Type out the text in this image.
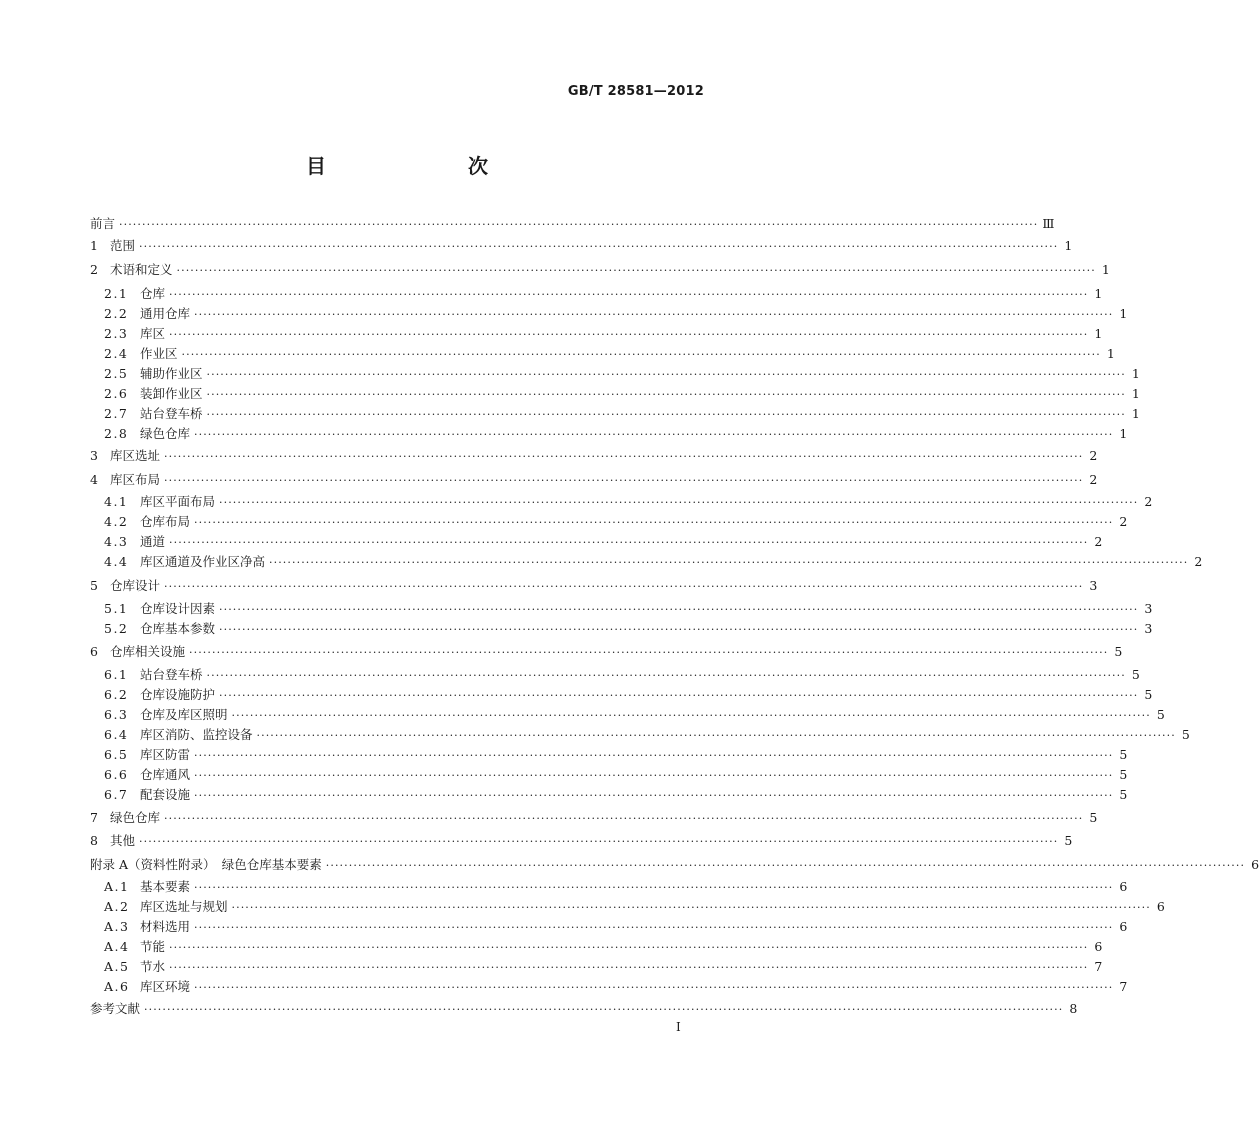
GB/T 28581—2012
目　　次
前言 ········································································································································································································ Ⅲ
1 范围 ········································································································································································································ 1
2 术语和定义 ········································································································································································································ 1
2.1 仓库 ········································································································································································································ 1
2.2 通用仓库 ········································································································································································································ 1
2.3 库区 ········································································································································································································ 1
2.4 作业区 ········································································································································································································ 1
2.5 辅助作业区 ········································································································································································································ 1
2.6 装卸作业区 ········································································································································································································ 1
2.7 站台登车桥 ········································································································································································································ 1
2.8 绿色仓库 ········································································································································································································ 1
3 库区选址 ········································································································································································································ 2
4 库区布局 ········································································································································································································ 2
4.1 库区平面布局 ········································································································································································································ 2
4.2 仓库布局 ········································································································································································································ 2
4.3 通道 ········································································································································································································ 2
4.4 库区通道及作业区净高 ········································································································································································································ 2
5 仓库设计 ········································································································································································································ 3
5.1 仓库设计因素 ········································································································································································································ 3
5.2 仓库基本参数 ········································································································································································································ 3
6 仓库相关设施 ········································································································································································································ 5
6.1 站台登车桥 ········································································································································································································ 5
6.2 仓库设施防护 ········································································································································································································ 5
6.3 仓库及库区照明 ········································································································································································································ 5
6.4 库区消防、监控设备 ········································································································································································································ 5
6.5 库区防雷 ········································································································································································································ 5
6.6 仓库通风 ········································································································································································································ 5
6.7 配套设施 ········································································································································································································ 5
7 绿色仓库 ········································································································································································································ 5
8 其他 ········································································································································································································ 5
附录 A（资料性附录）　绿色仓库基本要素 ········································································································································································································ 6
A.1 基本要素 ········································································································································································································ 6
A.2 库区选址与规划 ········································································································································································································ 6
A.3 材料选用 ········································································································································································································ 6
A.4 节能 ········································································································································································································ 6
A.5 节水 ········································································································································································································ 7
A.6 库区环境 ········································································································································································································ 7
参考文献 ········································································································································································································ 8
I
